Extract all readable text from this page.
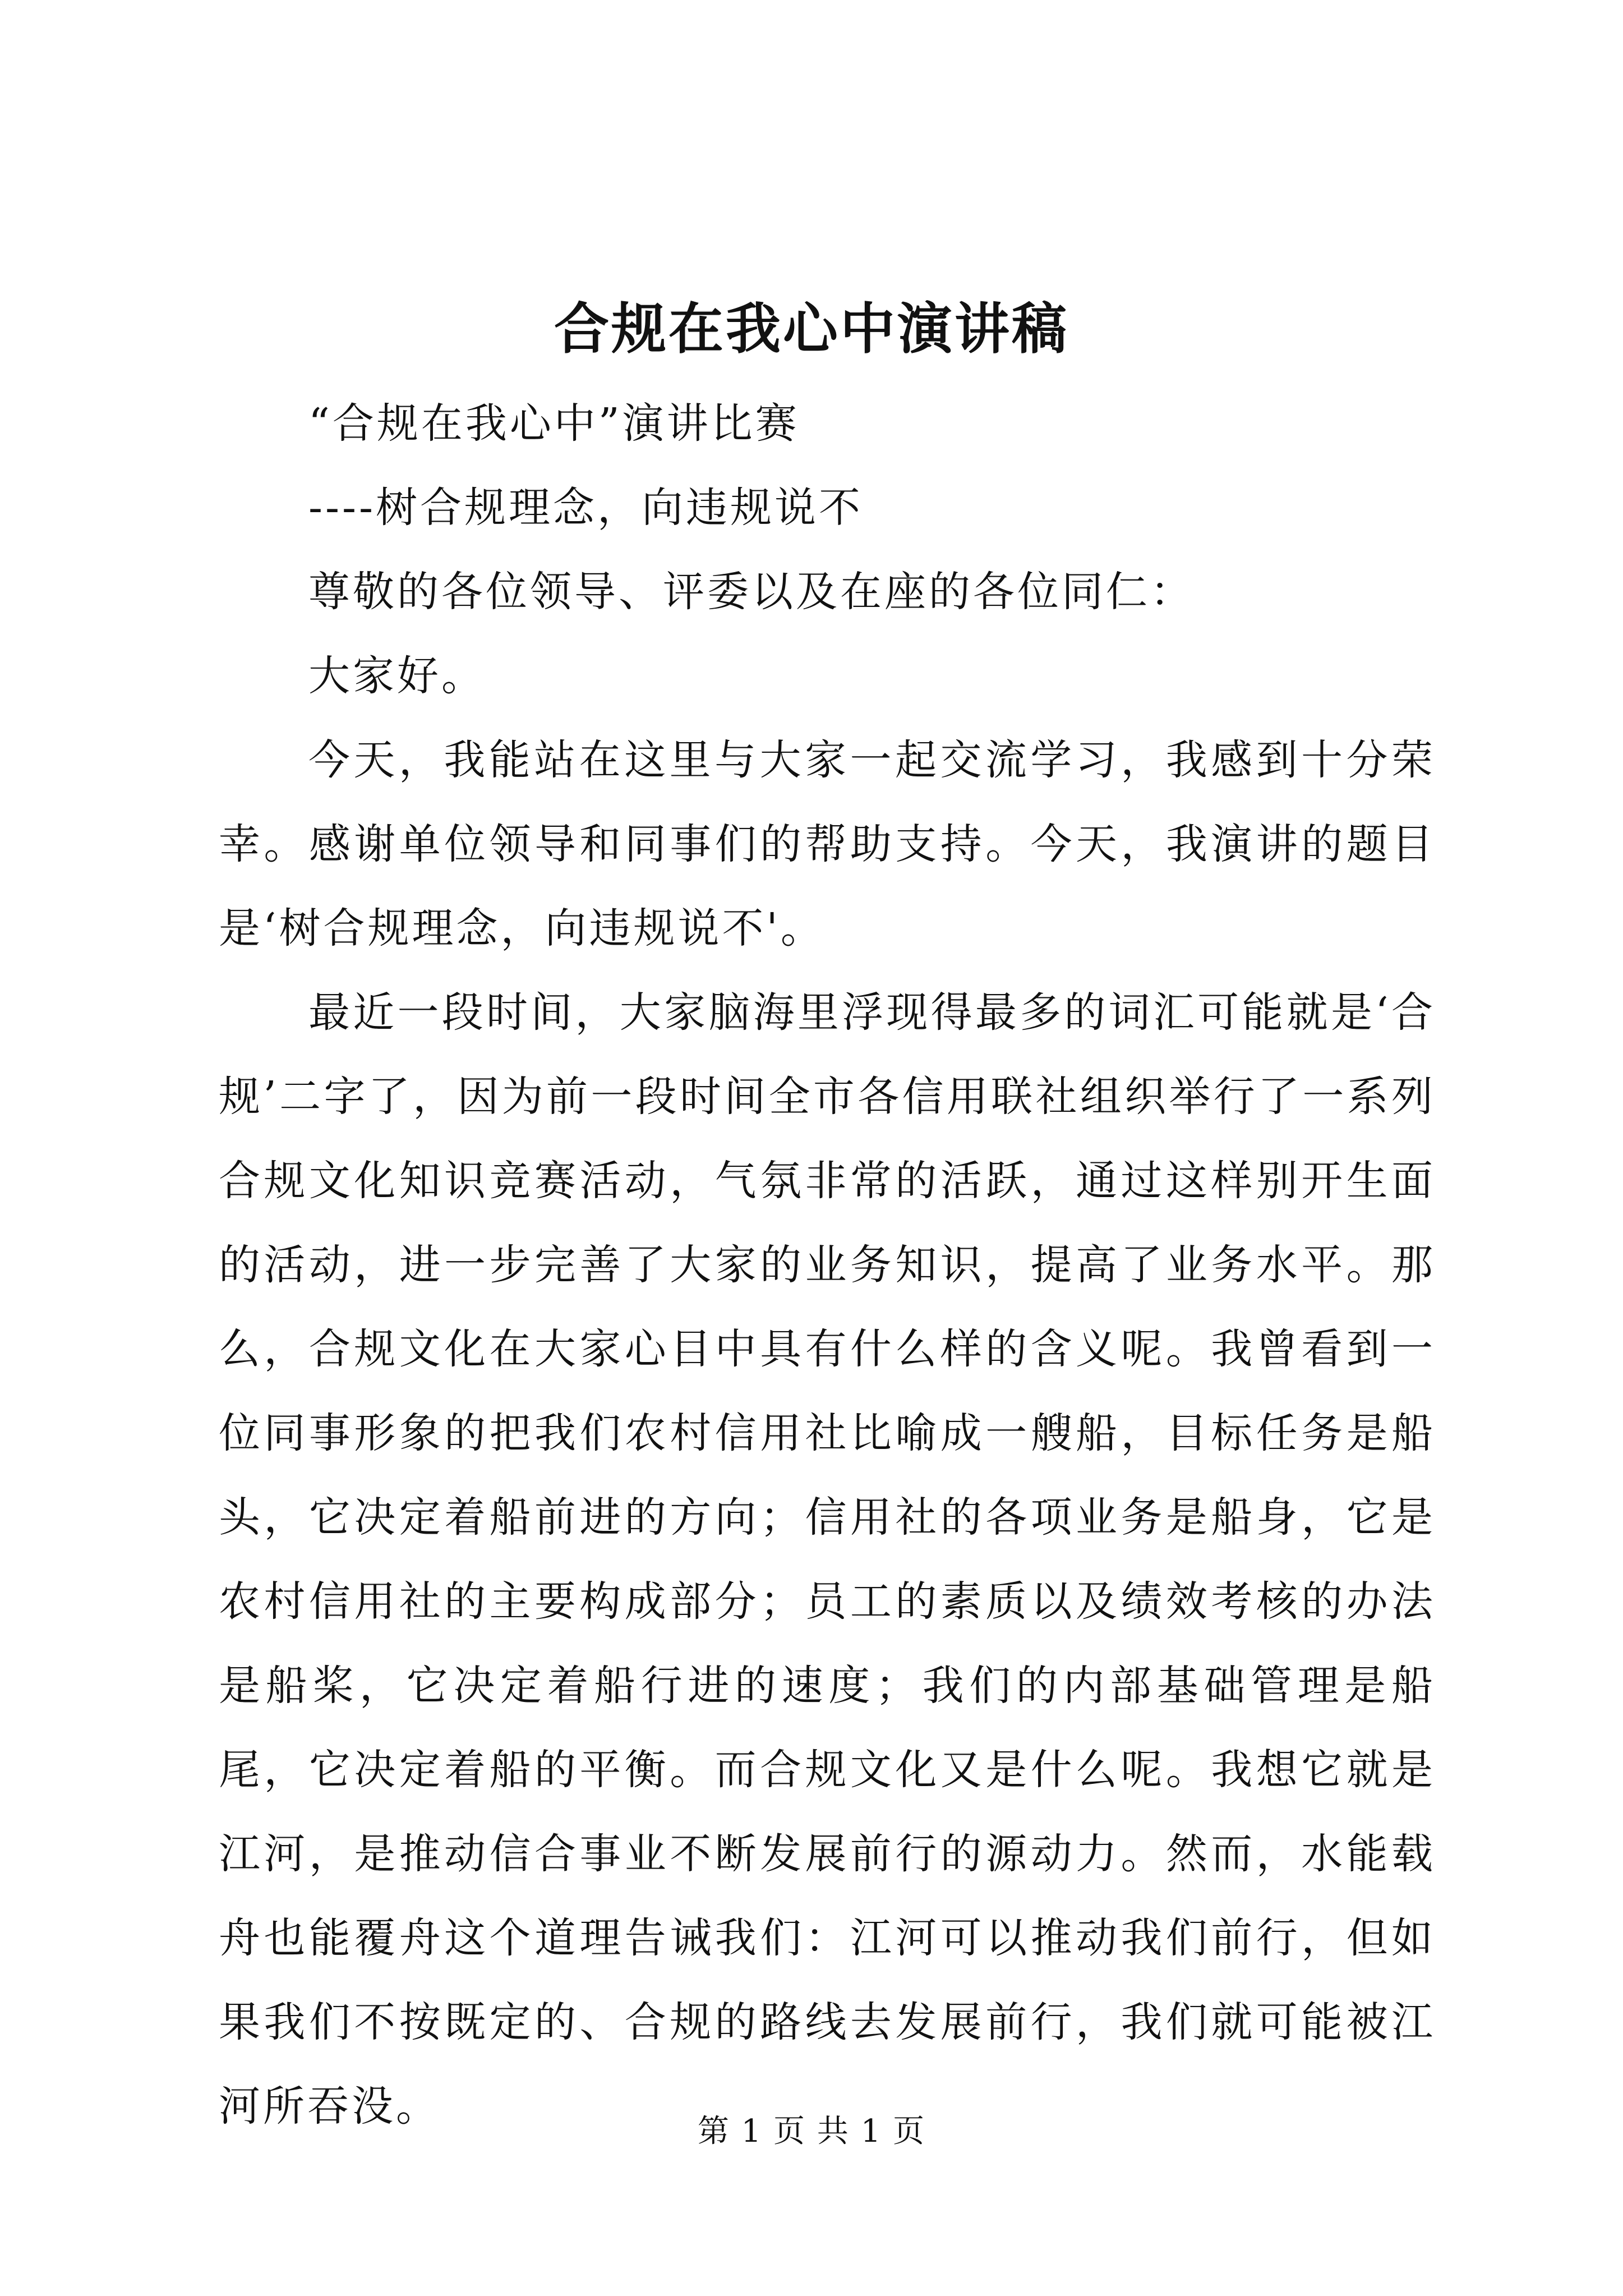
合规在我心中演讲稿

“合规在我心中”演讲比赛

----树合规理念，向违规说不

尊敬的各位领导、评委以及在座的各位同仁：

大家好。

今天，我能站在这里与大家一起交流学习，我感到十分荣幸。感谢单位领导和同事们的帮助支持。今天，我演讲的题目是‘树合规理念，向违规说不'。

最近一段时间，大家脑海里浮现得最多的词汇可能就是‘合规’二字了，因为前一段时间全市各信用联社组织举行了一系列合规文化知识竞赛活动，气氛非常的活跃，通过这样别开生面的活动，进一步完善了大家的业务知识，提高了业务水平。那么，合规文化在大家心目中具有什么样的含义呢。我曾看到一位同事形象的把我们农村信用社比喻成一艘船，目标任务是船头，它决定着船前进的方向；信用社的各项业务是船身，它是农村信用社的主要构成部分；员工的素质以及绩效考核的办法是船桨，它决定着船行进的速度；我们的内部基础管理是船尾，它决定着船的平衡。而合规文化又是什么呢。我想它就是江河，是推动信合事业不断发展前行的源动力。然而，水能载舟也能覆舟这个道理告诫我们：江河可以推动我们前行，但如果我们不按既定的、合规的路线去发展前行，我们就可能被江河所吞没。

第 1 页 共 1 页
